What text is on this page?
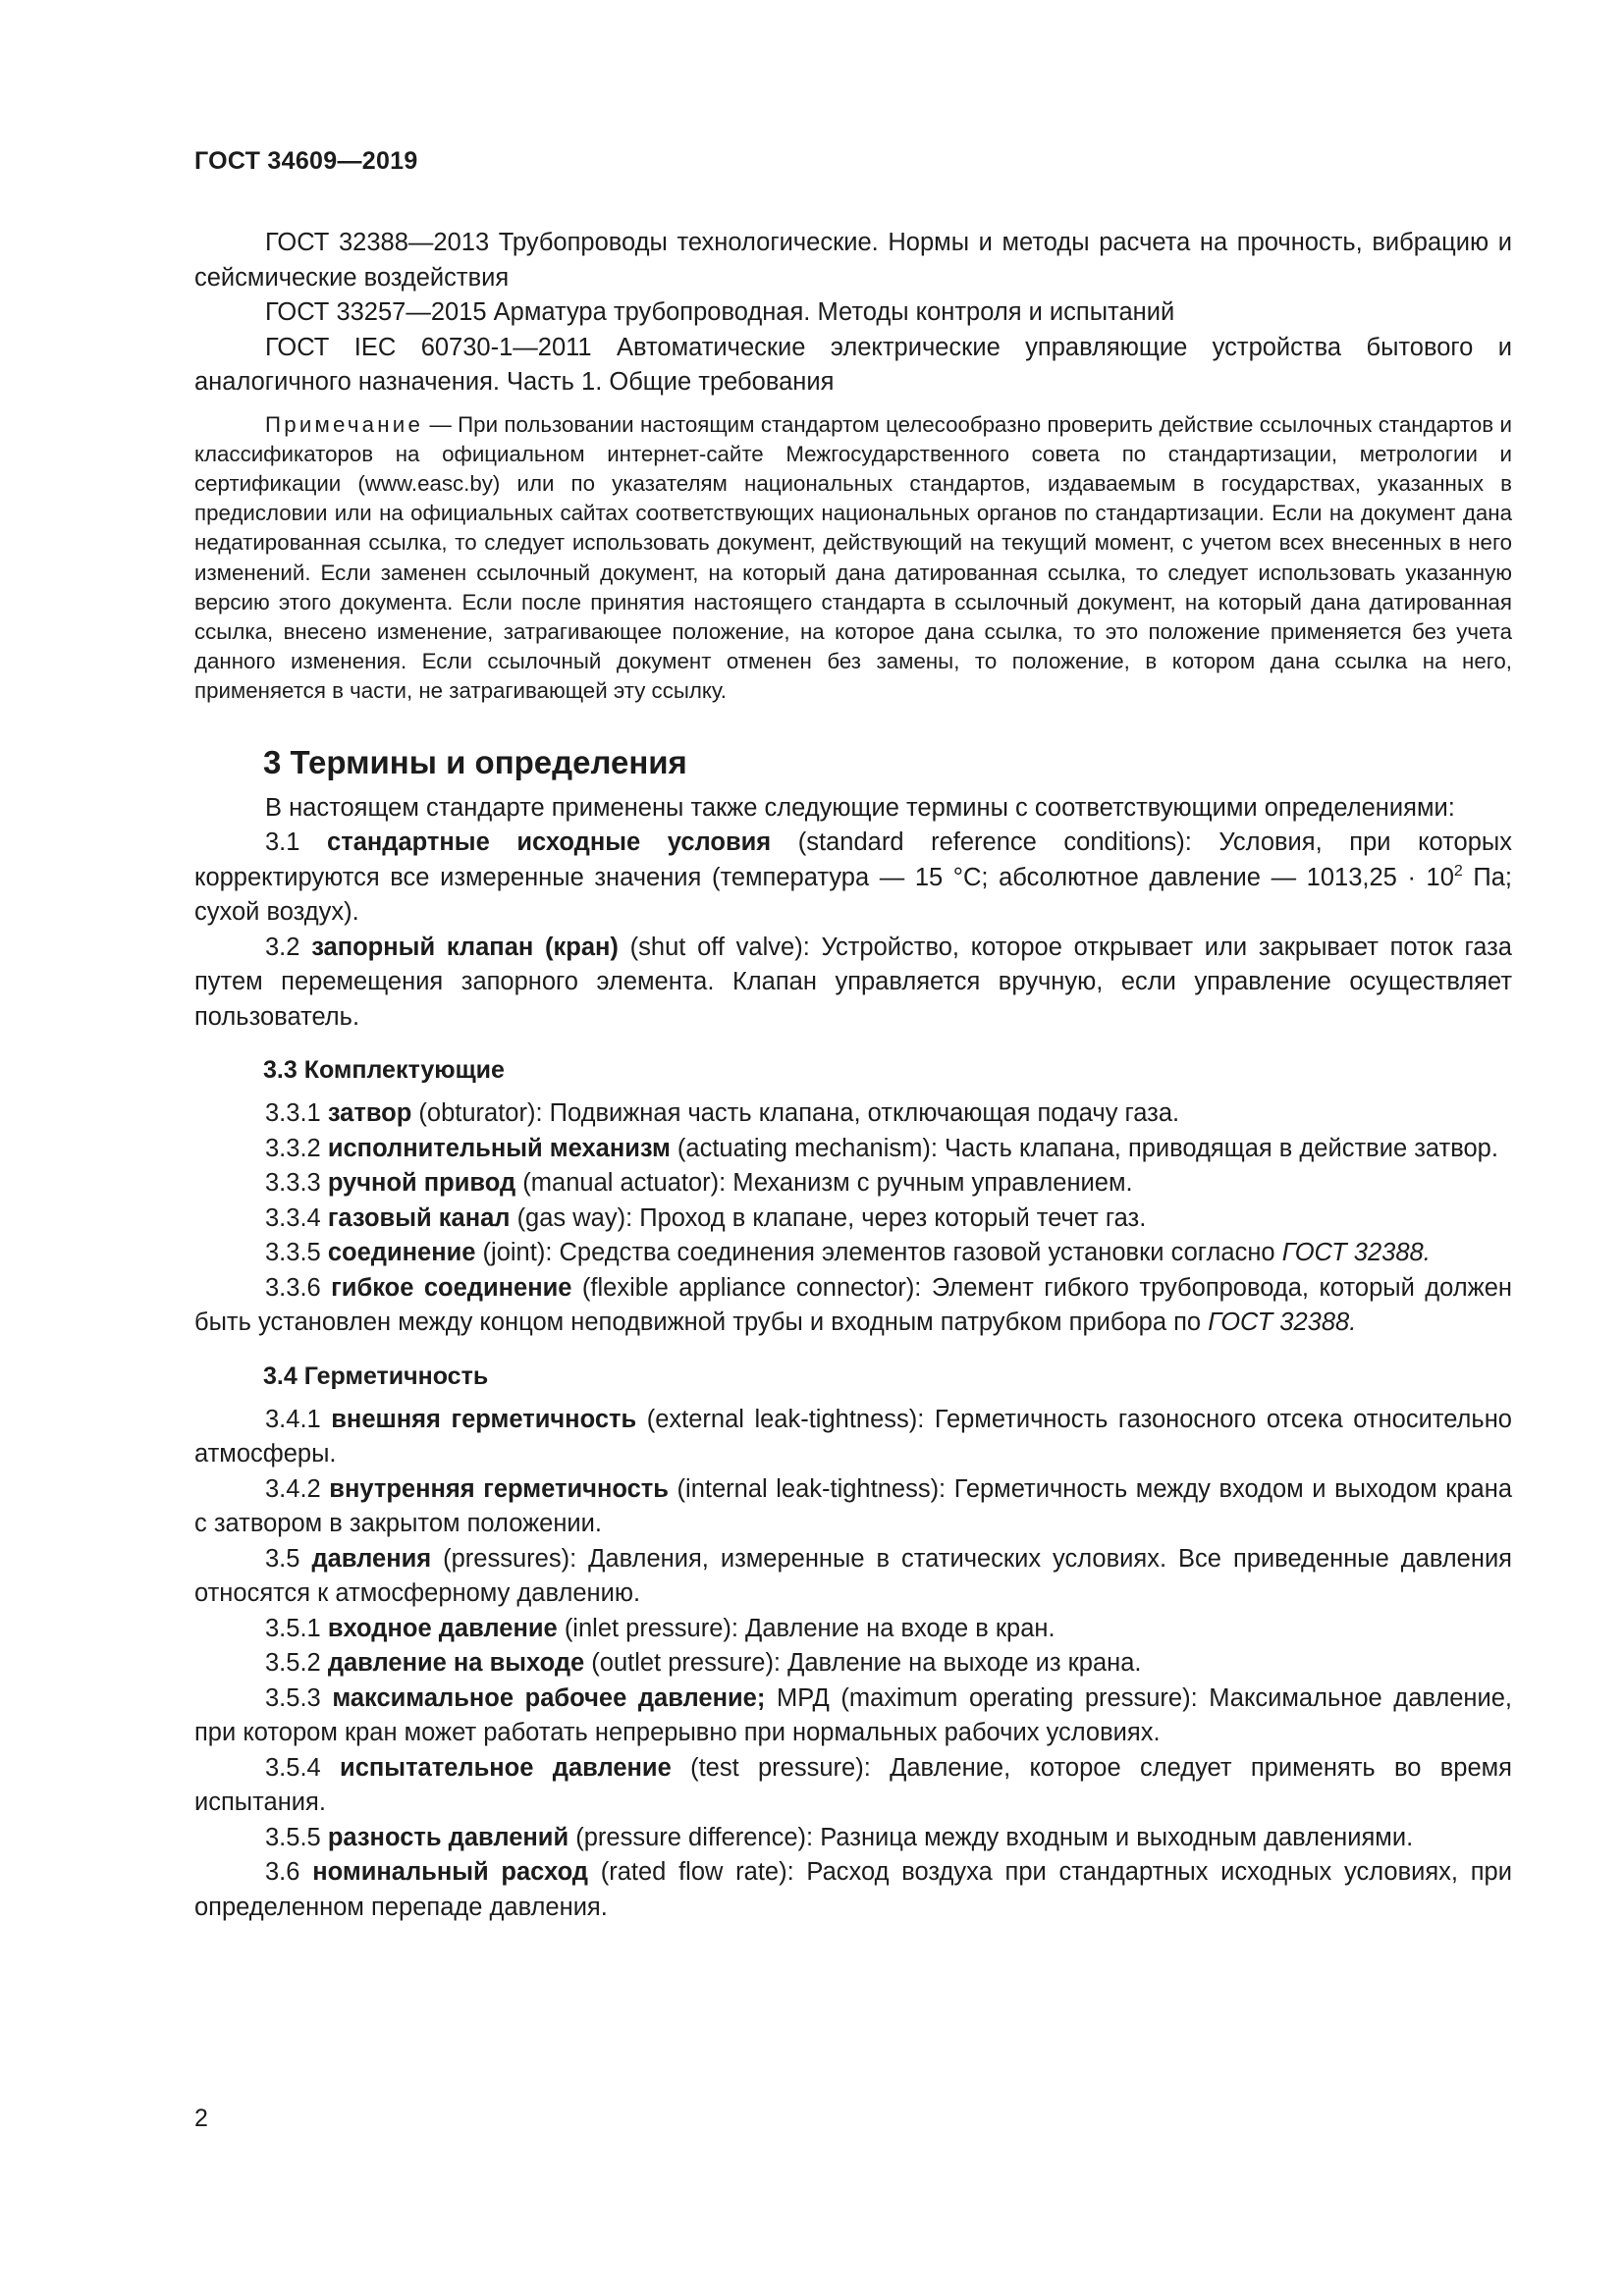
ГОСТ 34609—2019

ГОСТ 32388—2013 Трубопроводы технологические. Нормы и методы расчета на прочность, вибрацию и сейсмические воздействия

ГОСТ 33257—2015 Арматура трубопроводная. Методы контроля и испытаний

ГОСТ IEC 60730-1—2011 Автоматические электрические управляющие устройства бытового и аналогичного назначения. Часть 1. Общие требования

Примечание — При пользовании настоящим стандартом целесообразно проверить действие ссылочных стандартов и классификаторов на официальном интернет-сайте Межгосударственного совета по стандартизации, метрологии и сертификации (www.easc.by) или по указателям национальных стандартов, издаваемым в государствах, указанных в предисловии или на официальных сайтах соответствующих национальных органов по стандартизации. Если на документ дана недатированная ссылка, то следует использовать документ, действующий на текущий момент, с учетом всех внесенных в него изменений. Если заменен ссылочный документ, на который дана датированная ссылка, то следует использовать указанную версию этого документа. Если после принятия настоящего стандарта в ссылочный документ, на который дана датированная ссылка, внесено изменение, затрагивающее положение, на которое дана ссылка, то это положение применяется без учета данного изменения. Если ссылочный документ отменен без замены, то положение, в котором дана ссылка на него, применяется в части, не затрагивающей эту ссылку.

3 Термины и определения

В настоящем стандарте применены также следующие термины с соответствующими определениями:

3.1 стандартные исходные условия (standard reference conditions): Условия, при которых корректируются все измеренные значения (температура — 15 °С; абсолютное давление — $1013,25 \cdot 10^2$ Па; сухой воздух).

3.2 запорный клапан (кран) (shut off valve): Устройство, которое открывает или закрывает поток газа путем перемещения запорного элемента. Клапан управляется вручную, если управление осуществляет пользователь.

3.3 Комплектующие

3.3.1 затвор (obturator): Подвижная часть клапана, отключающая подачу газа.

3.3.2 исполнительный механизм (actuating mechanism): Часть клапана, приводящая в действие затвор.

3.3.3 ручной привод (manual actuator): Механизм с ручным управлением.

3.3.4 газовый канал (gas way): Проход в клапане, через который течет газ.

3.3.5 соединение (joint): Средства соединения элементов газовой установки согласно ГОСТ 32388.

3.3.6 гибкое соединение (flexible appliance connector): Элемент гибкого трубопровода, который должен быть установлен между концом неподвижной трубы и входным патрубком прибора по ГОСТ 32388.

3.4 Герметичность

3.4.1 внешняя герметичность (external leak-tightness): Герметичность газоносного отсека относительно атмосферы.

3.4.2 внутренняя герметичность (internal leak-tightness): Герметичность между входом и выходом крана с затвором в закрытом положении.

3.5 давления (pressures): Давления, измеренные в статических условиях. Все приведенные давления относятся к атмосферному давлению.

3.5.1 входное давление (inlet pressure): Давление на входе в кран.

3.5.2 давление на выходе (outlet pressure): Давление на выходе из крана.

3.5.3 максимальное рабочее давление; МРД (maximum operating pressure): Максимальное давление, при котором кран может работать непрерывно при нормальных рабочих условиях.

3.5.4 испытательное давление (test pressure): Давление, которое следует применять во время испытания.

3.5.5 разность давлений (pressure difference): Разница между входным и выходным давлениями.

3.6 номинальный расход (rated flow rate): Расход воздуха при стандартных исходных условиях, при определенном перепаде давления.

2
